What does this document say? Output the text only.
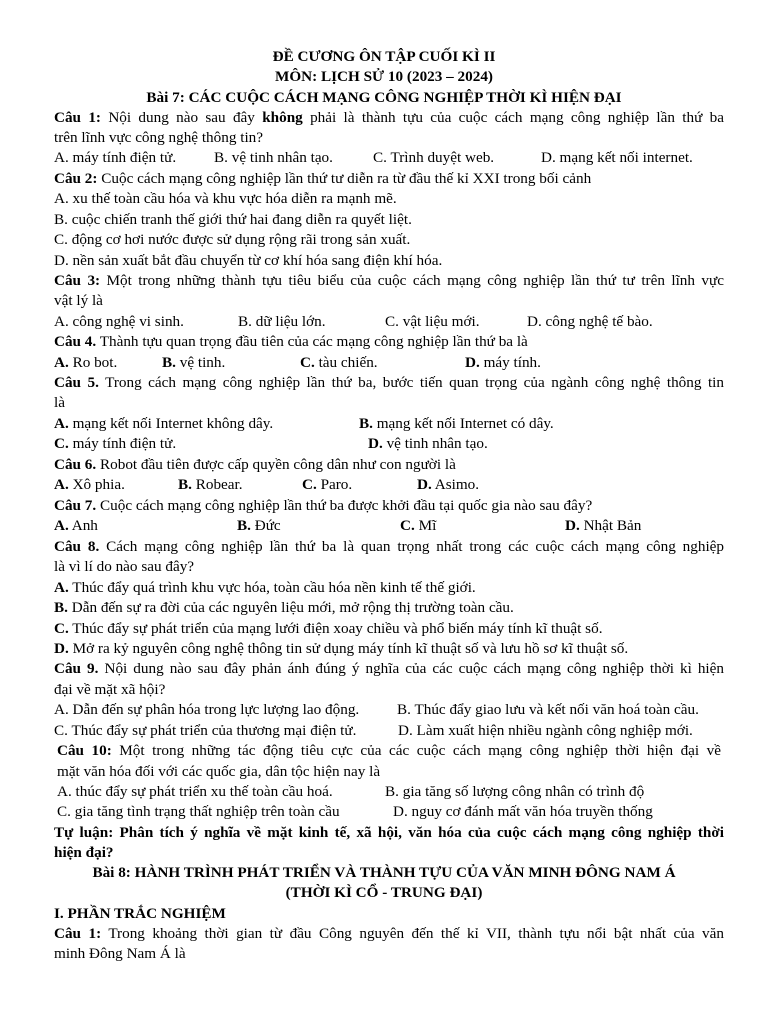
ĐỀ CƯƠNG ÔN TẬP CUỐI KÌ II
MÔN: LỊCH SỬ 10 (2023 – 2024)
Bài 7: CÁC CUỘC CÁCH MẠNG CÔNG NGHIỆP THỜI KÌ HIỆN ĐẠI
Câu 1: Nội dung nào sau đây không phải là thành tựu của cuộc cách mạng công nghiệp lần thứ ba
trên lĩnh vực công nghệ thông tin?
A. máy tính điện tử. B. vệ tinh nhân tạo.	C. Trình duyệt web.	D. mạng kết nối internet.
Câu 2: Cuộc cách mạng công nghiệp lần thứ tư diễn ra từ đầu thế kỉ XXI trong bối cảnh
A. xu thế toàn cầu hóa và khu vực hóa diễn ra mạnh mẽ.
B. cuộc chiến tranh thế giới thứ hai đang diễn ra quyết liệt.
C. động cơ hơi nước được sử dụng rộng rãi trong sản xuất.
D. nền sản xuất bắt đầu chuyển từ cơ khí hóa sang điện khí hóa.
Câu 3: Một trong những thành tựu tiêu biểu của cuộc cách mạng công nghiệp lần thứ tư trên lĩnh vực
vật lý là
A. công nghệ vi sinh.	B. dữ liệu lớn.	C. vật liệu mới.	D. công nghệ tế bào.
Câu 4. Thành tựu quan trọng đầu tiên của các mạng công nghiệp lần thứ ba là
A. Ro bot.	B. vệ tinh.	C. tàu chiến.	D. máy tính.
Câu 5. Trong cách mạng công nghiệp lần thứ ba, bước tiến quan trọng của ngành công nghệ thông tin
là
A. mạng kết nối Internet không dây.	B. mạng kết nối Internet có dây.
C. máy tính điện tử.	D. vệ tinh nhân tạo.
Câu 6. Robot đầu tiên được cấp quyền công dân như con người là
A. Xô phia.	B. Robear.	C. Paro.	D. Asimo.
Câu 7. Cuộc cách mạng công nghiệp lần thứ ba được khởi đầu tại quốc gia nào sau đây?
A. Anh	B. Đức	C. Mĩ	D. Nhật Bản
Câu 8. Cách mạng công nghiệp lần thứ ba là quan trọng nhất trong các cuộc cách mạng công nghiệp
là vì lí do nào sau đây?
A. Thúc đẩy quá trình khu vực hóa, toàn cầu hóa nền kinh tế thế giới.
B. Dẫn đến sự ra đời của các nguyên liệu mới, mở rộng thị trường toàn cầu.
C. Thúc đẩy sự phát triển của mạng lưới điện xoay chiều và phổ biến máy tính kĩ thuật số.
D. Mở ra kỷ nguyên công nghệ thông tin sử dụng máy tính kĩ thuật số và lưu hồ sơ kĩ thuật số.
Câu 9. Nội dung nào sau đây phản ánh đúng ý nghĩa của các cuộc cách mạng công nghiệp thời kì hiện
đại về mặt xã hội?
A. Dẫn đến sự phân hóa trong lực lượng lao động. B. Thúc đẩy giao lưu và kết nối văn hoá toàn cầu.
C. Thúc đẩy sự phát triển của thương mại điện tử.	D. Làm xuất hiện nhiều ngành công nghiệp mới.
Câu 10: Một trong những tác động tiêu cực của các cuộc cách mạng công nghiệp thời hiện đại về
mặt văn hóa đối với các quốc gia, dân tộc hiện nay là
A. thúc đẩy sự phát triển xu thế toàn cầu hoá.	B. gia tăng số lượng công nhân có trình độ
C. gia tăng tình trạng thất nghiệp trên toàn cầu	D. nguy cơ đánh mất văn hóa truyền thống
Tự luận: Phân tích ý nghĩa về mặt kinh tế, xã hội, văn hóa của cuộc cách mạng công nghiệp thời
hiện đại?
Bài 8: HÀNH TRÌNH PHÁT TRIỂN VÀ THÀNH TỰU CỦA VĂN MINH ĐÔNG NAM Á
(THỜI KÌ CỔ - TRUNG ĐẠI)
I. PHẦN TRẮC NGHIỆM
Câu 1: Trong khoảng thời gian từ đầu Công nguyên đến thế kỉ VII, thành tựu nổi bật nhất của văn
minh Đông Nam Á là
